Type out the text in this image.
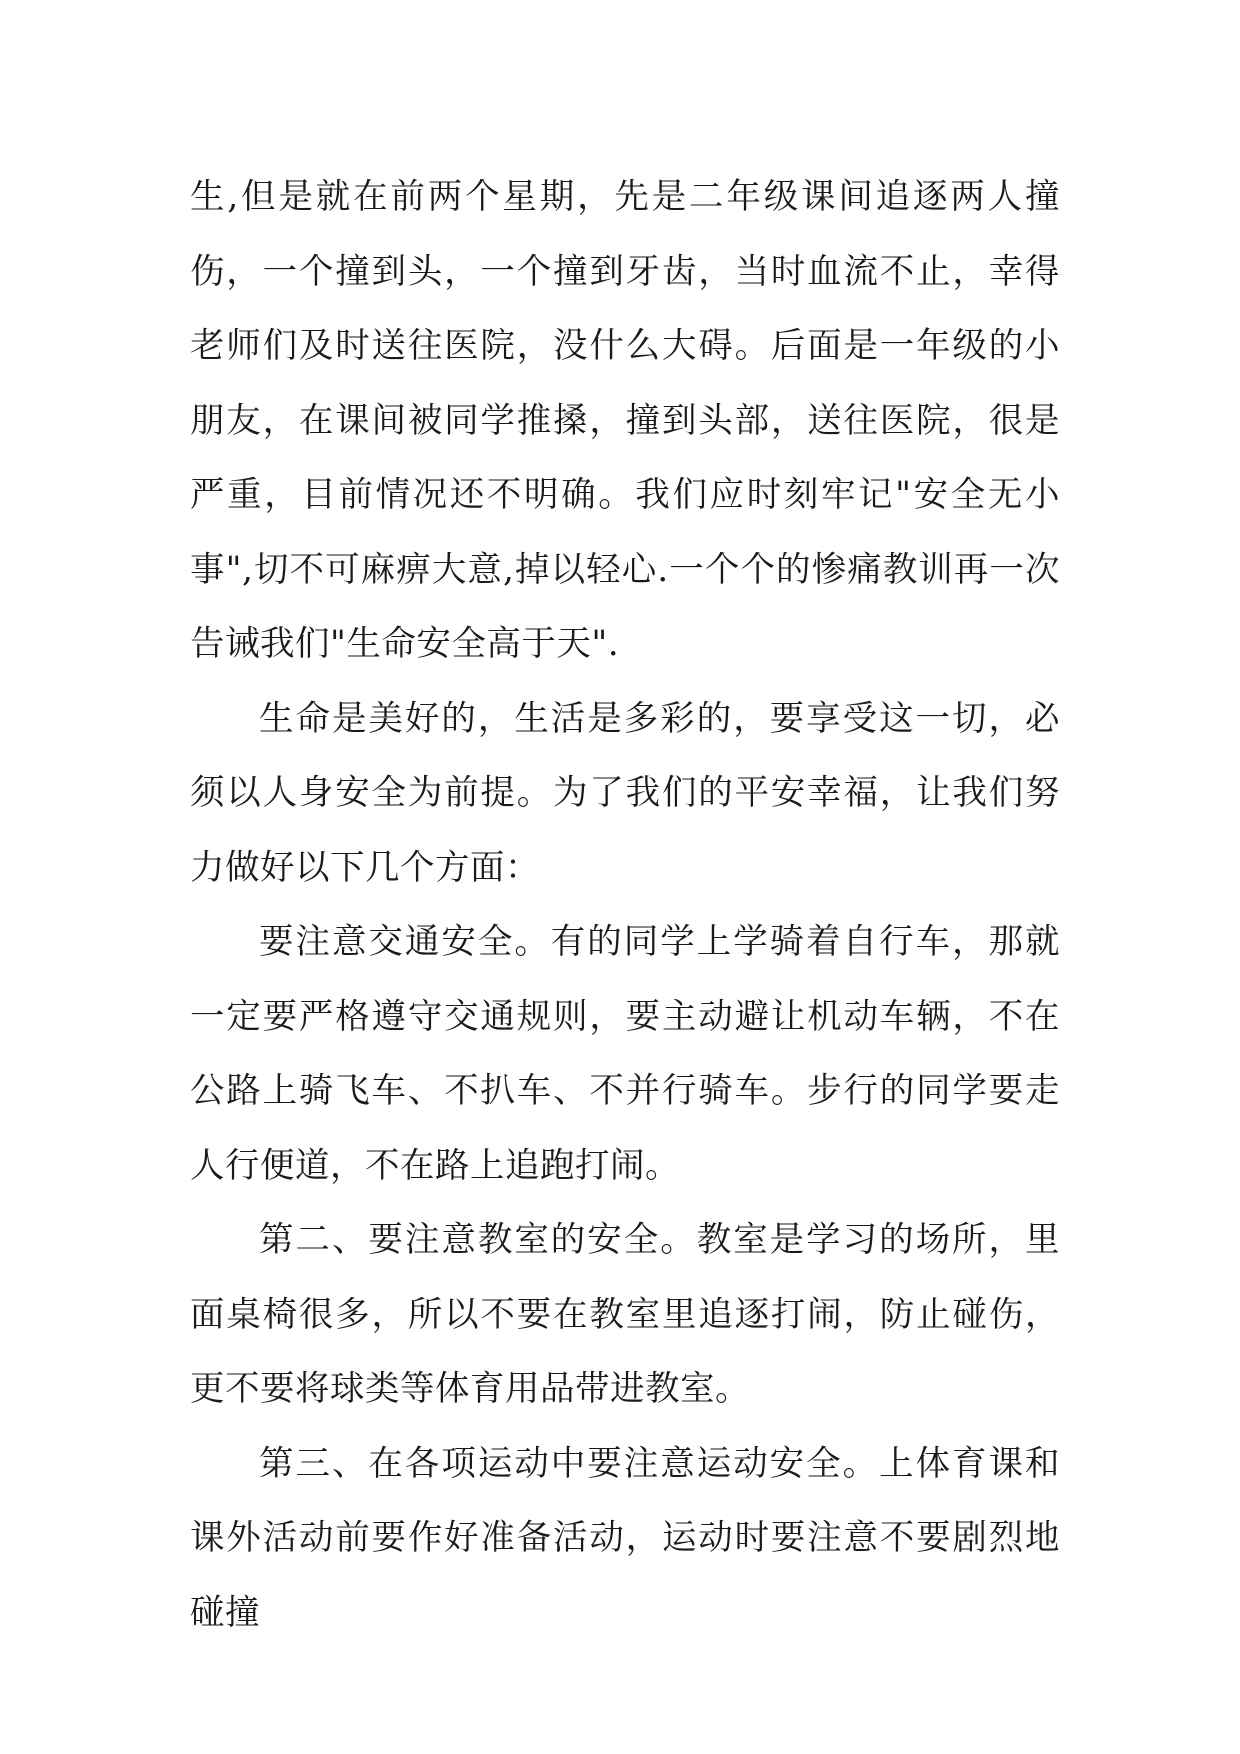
生,但是就在前两个星期，先是二年级课间追逐两人撞伤，一个撞到头，一个撞到牙齿，当时血流不止，幸得老师们及时送往医院，没什么大碍。后面是一年级的小朋友，在课间被同学推搡，撞到头部，送往医院，很是严重，目前情况还不明确。我们应时刻牢记"安全无小事",切不可麻痹大意,掉以轻心.一个个的惨痛教训再一次告诫我们"生命安全高于天".

生命是美好的，生活是多彩的，要享受这一切，必须以人身安全为前提。为了我们的平安幸福，让我们努力做好以下几个方面：

要注意交通安全。有的同学上学骑着自行车，那就一定要严格遵守交通规则，要主动避让机动车辆，不在公路上骑飞车、不扒车、不并行骑车。步行的同学要走人行便道，不在路上追跑打闹。

第二、要注意教室的安全。教室是学习的场所，里面桌椅很多，所以不要在教室里追逐打闹，防止碰伤，更不要将球类等体育用品带进教室。

第三、在各项运动中要注意运动安全。上体育课和课外活动前要作好准备活动，运动时要注意不要剧烈地碰撞
